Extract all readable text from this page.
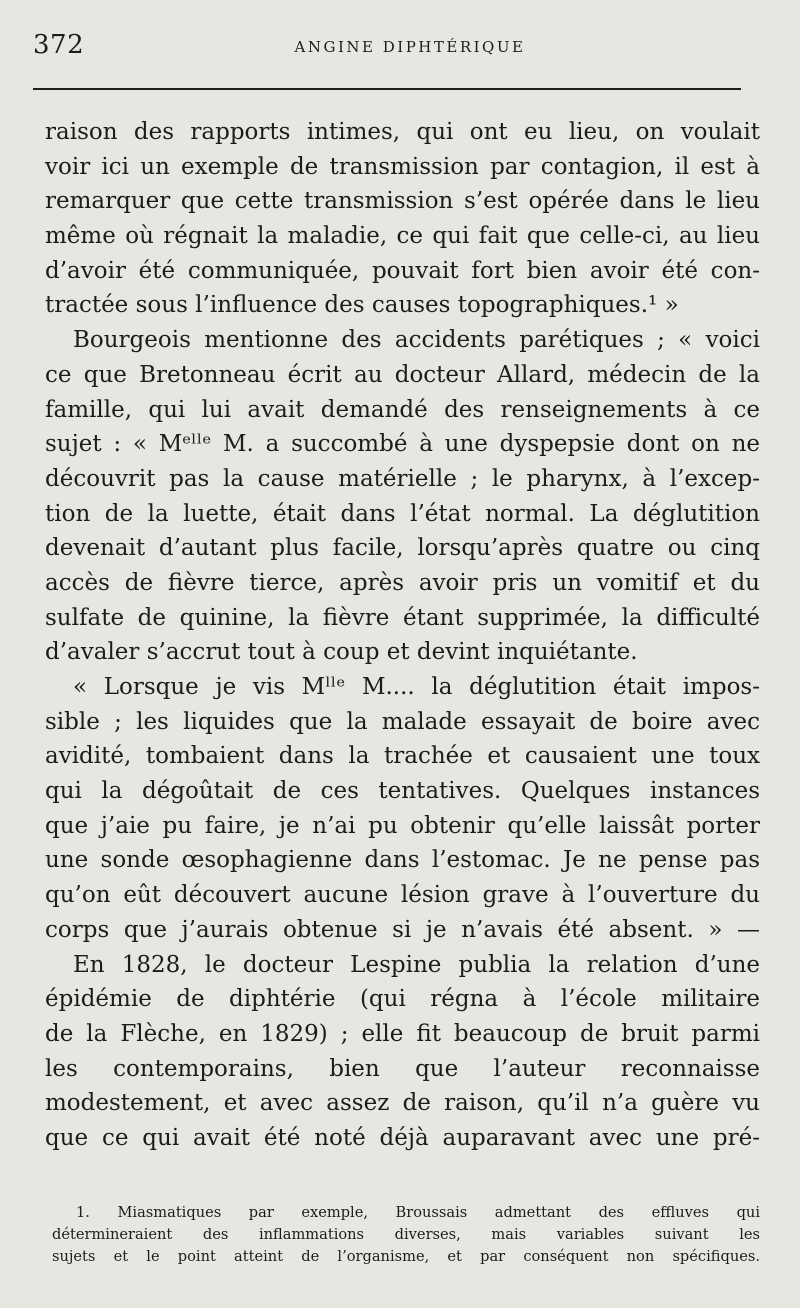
372	ANGINE DIPHTÉRIQUE
raison des rapports intimes, qui ont eu lieu, on voulait
voir ici un exemple de transmission par contagion, il est à
remarquer que cette transmission s’est opérée dans le lieu
même où régnait la maladie, ce qui fait que celle-ci, au lieu
d’avoir été communiquée, pouvait fort bien avoir été con-
tractée sous l’influence des causes topographiques.¹ »
Bourgeois mentionne des accidents parétiques ; « voici
ce que Bretonneau écrit au docteur Allard, médecin de la
famille, qui lui avait demandé des renseignements à ce
sujet : « Mᵉˡˡᵉ M. a succombé à une dyspepsie dont on ne
découvrit pas la cause matérielle ; le pharynx, à l’excep-
tion de la luette, était dans l’état normal. La déglutition
devenait d’autant plus facile, lorsqu’après quatre ou cinq
accès de fièvre tierce, après avoir pris un vomitif et du
sulfate de quinine, la fièvre étant supprimée, la difficulté
d’avaler s’accrut tout à coup et devint inquiétante.
« Lorsque je vis Mˡˡᵉ M.... la déglutition était impos-
sible ; les liquides que la malade essayait de boire avec
avidité, tombaient dans la trachée et causaient une toux
qui la dégoûtait de ces tentatives. Quelques instances
que j’aie pu faire, je n’ai pu obtenir qu’elle laissât porter
une sonde œsophagienne dans l’estomac. Je ne pense pas
qu’on eût découvert aucune lésion grave à l’ouverture du
corps que j’aurais obtenue si je n’avais été absent. » —
En 1828, le docteur Lespine publia la relation d’une
épidémie de diphtérie (qui régna à l’école militaire
de la Flèche, en 1829) ; elle fit beaucoup de bruit parmi
les contemporains, bien que l’auteur reconnaisse
modestement, et avec assez de raison, qu’il n’a guère vu
que ce qui avait été noté déjà auparavant avec une pré-
1. Miasmatiques par exemple, Broussais admettant des effluves qui
détermineraient des inflammations diverses, mais variables suivant les
sujets et le point atteint de l’organisme, et par conséquent non spécifiques.
